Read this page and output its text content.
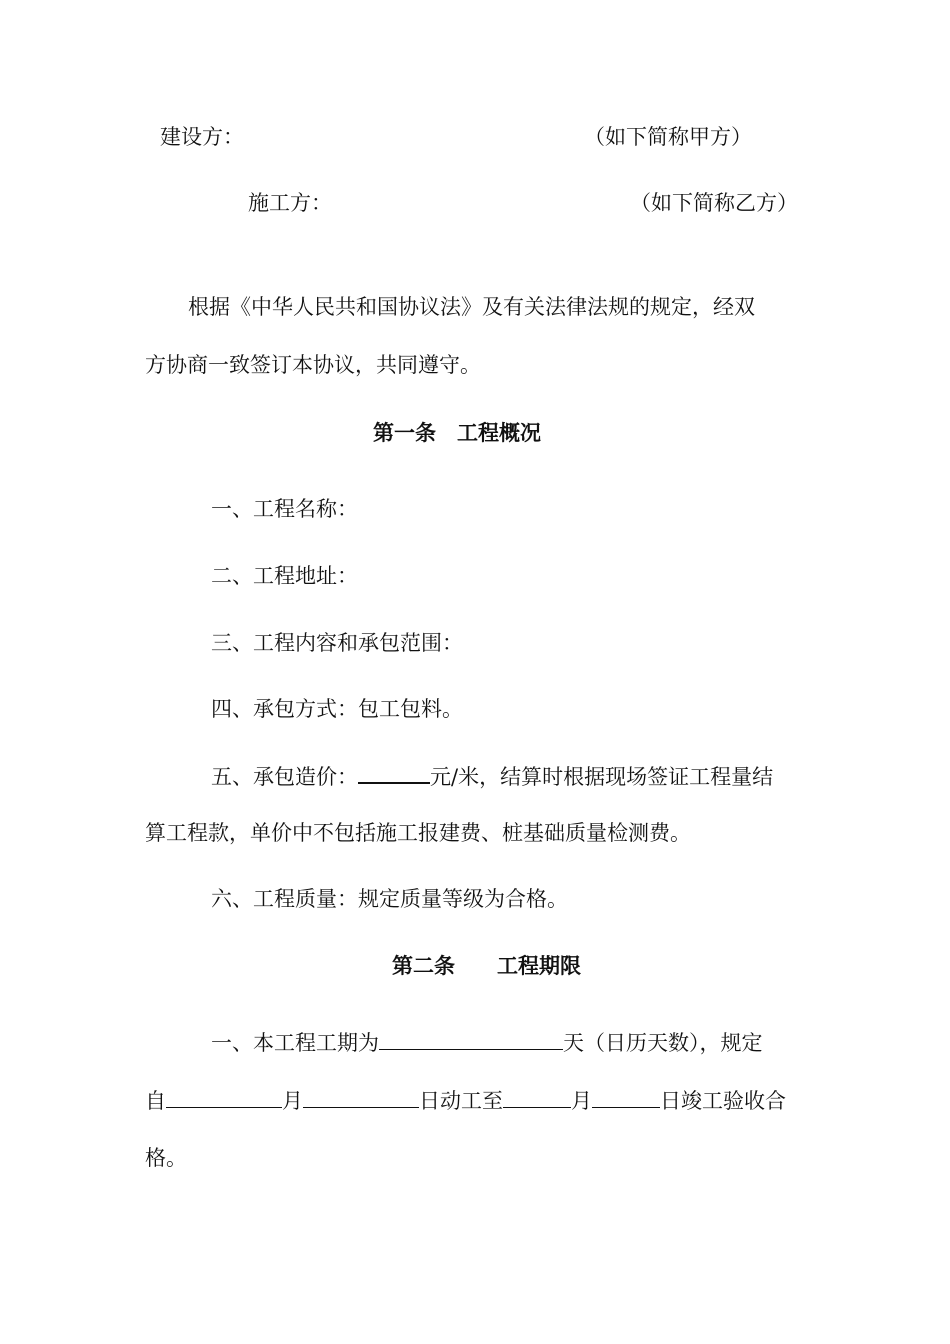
建设方：	（如下简称甲方）
施工方：	（如下简称乙方）
根据《中华人民共和国协议法》及有关法律法规的规定，经双
方协商一致签订本协议，共同遵守。
第一条　工程概况
一、工程名称：
二、工程地址：
三、工程内容和承包范围：
四、承包方式：包工包料。
五、承包造价：	元/米，结算时根据现场签证工程量结
算工程款，单价中不包括施工报建费、桩基础质量检测费。
六、工程质量：规定质量等级为合格。
第二条　　工程期限
一、本工程工期为	天（日历天数），规定
自	月	日动工至	月	日竣工验收合
格。
